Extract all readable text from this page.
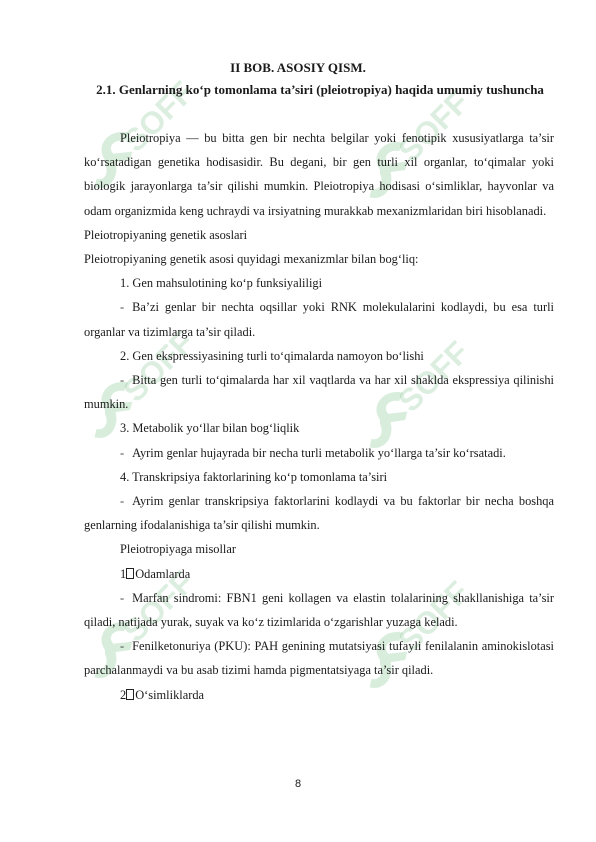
II BOB. ASOSIY QISM.
2.1. Genlarning ko‘p tomonlama ta’siri (pleiotropiya) haqida umumiy tushuncha

Pleiotropiya — bu bitta gen bir nechta belgilar yoki fenotipik xususiyatlarga ta’sir ko‘rsatadigan genetika hodisasidir. Bu degani, bir gen turli xil organlar, to‘qimalar yoki biologik jarayonlarga ta’sir qilishi mumkin. Pleiotropiya hodisasi o‘simliklar, hayvonlar va odam organizmida keng uchraydi va irsiyatning murakkab mexanizmlaridan biri hisoblanadi.

Pleiotropiyaning genetik asoslari

Pleiotropiyaning genetik asosi quyidagi mexanizmlar bilan bog‘liq:

1. Gen mahsulotining ko‘p funksiyaliligi

- Ba’zi genlar bir nechta oqsillar yoki RNK molekulalarini kodlaydi, bu esa turli organlar va tizimlarga ta’sir qiladi.

2. Gen ekspressiyasining turli to‘qimalarda namoyon bo‘lishi

- Bitta gen turli to‘qimalarda har xil vaqtlarda va har xil shaklda ekspressiya qilinishi mumkin.

3. Metabolik yo‘llar bilan bog‘liqlik

- Ayrim genlar hujayrada bir necha turli metabolik yo‘llarga ta’sir ko‘rsatadi.

4. Transkripsiya faktorlarining ko‘p tomonlama ta’siri

- Ayrim genlar transkripsiya faktorlarini kodlaydi va bu faktorlar bir necha boshqa genlarning ifodalanishiga ta’sir qilishi mumkin.

Pleiotropiyaga misollar

1 Odamlarda

- Marfan sindromi: FBN1 geni kollagen va elastin tolalarining shakllanishiga ta’sir qiladi, natijada yurak, suyak va ko‘z tizimlarida o‘zgarishlar yuzaga keladi.

- Fenilketonuriya (PKU): PAH genining mutatsiyasi tufayli fenilalanin aminokislotasi parchalanmaydi va bu asab tizimi hamda pigmentatsiyaga ta’sir qiladi.

2 O‘simliklarda

8
